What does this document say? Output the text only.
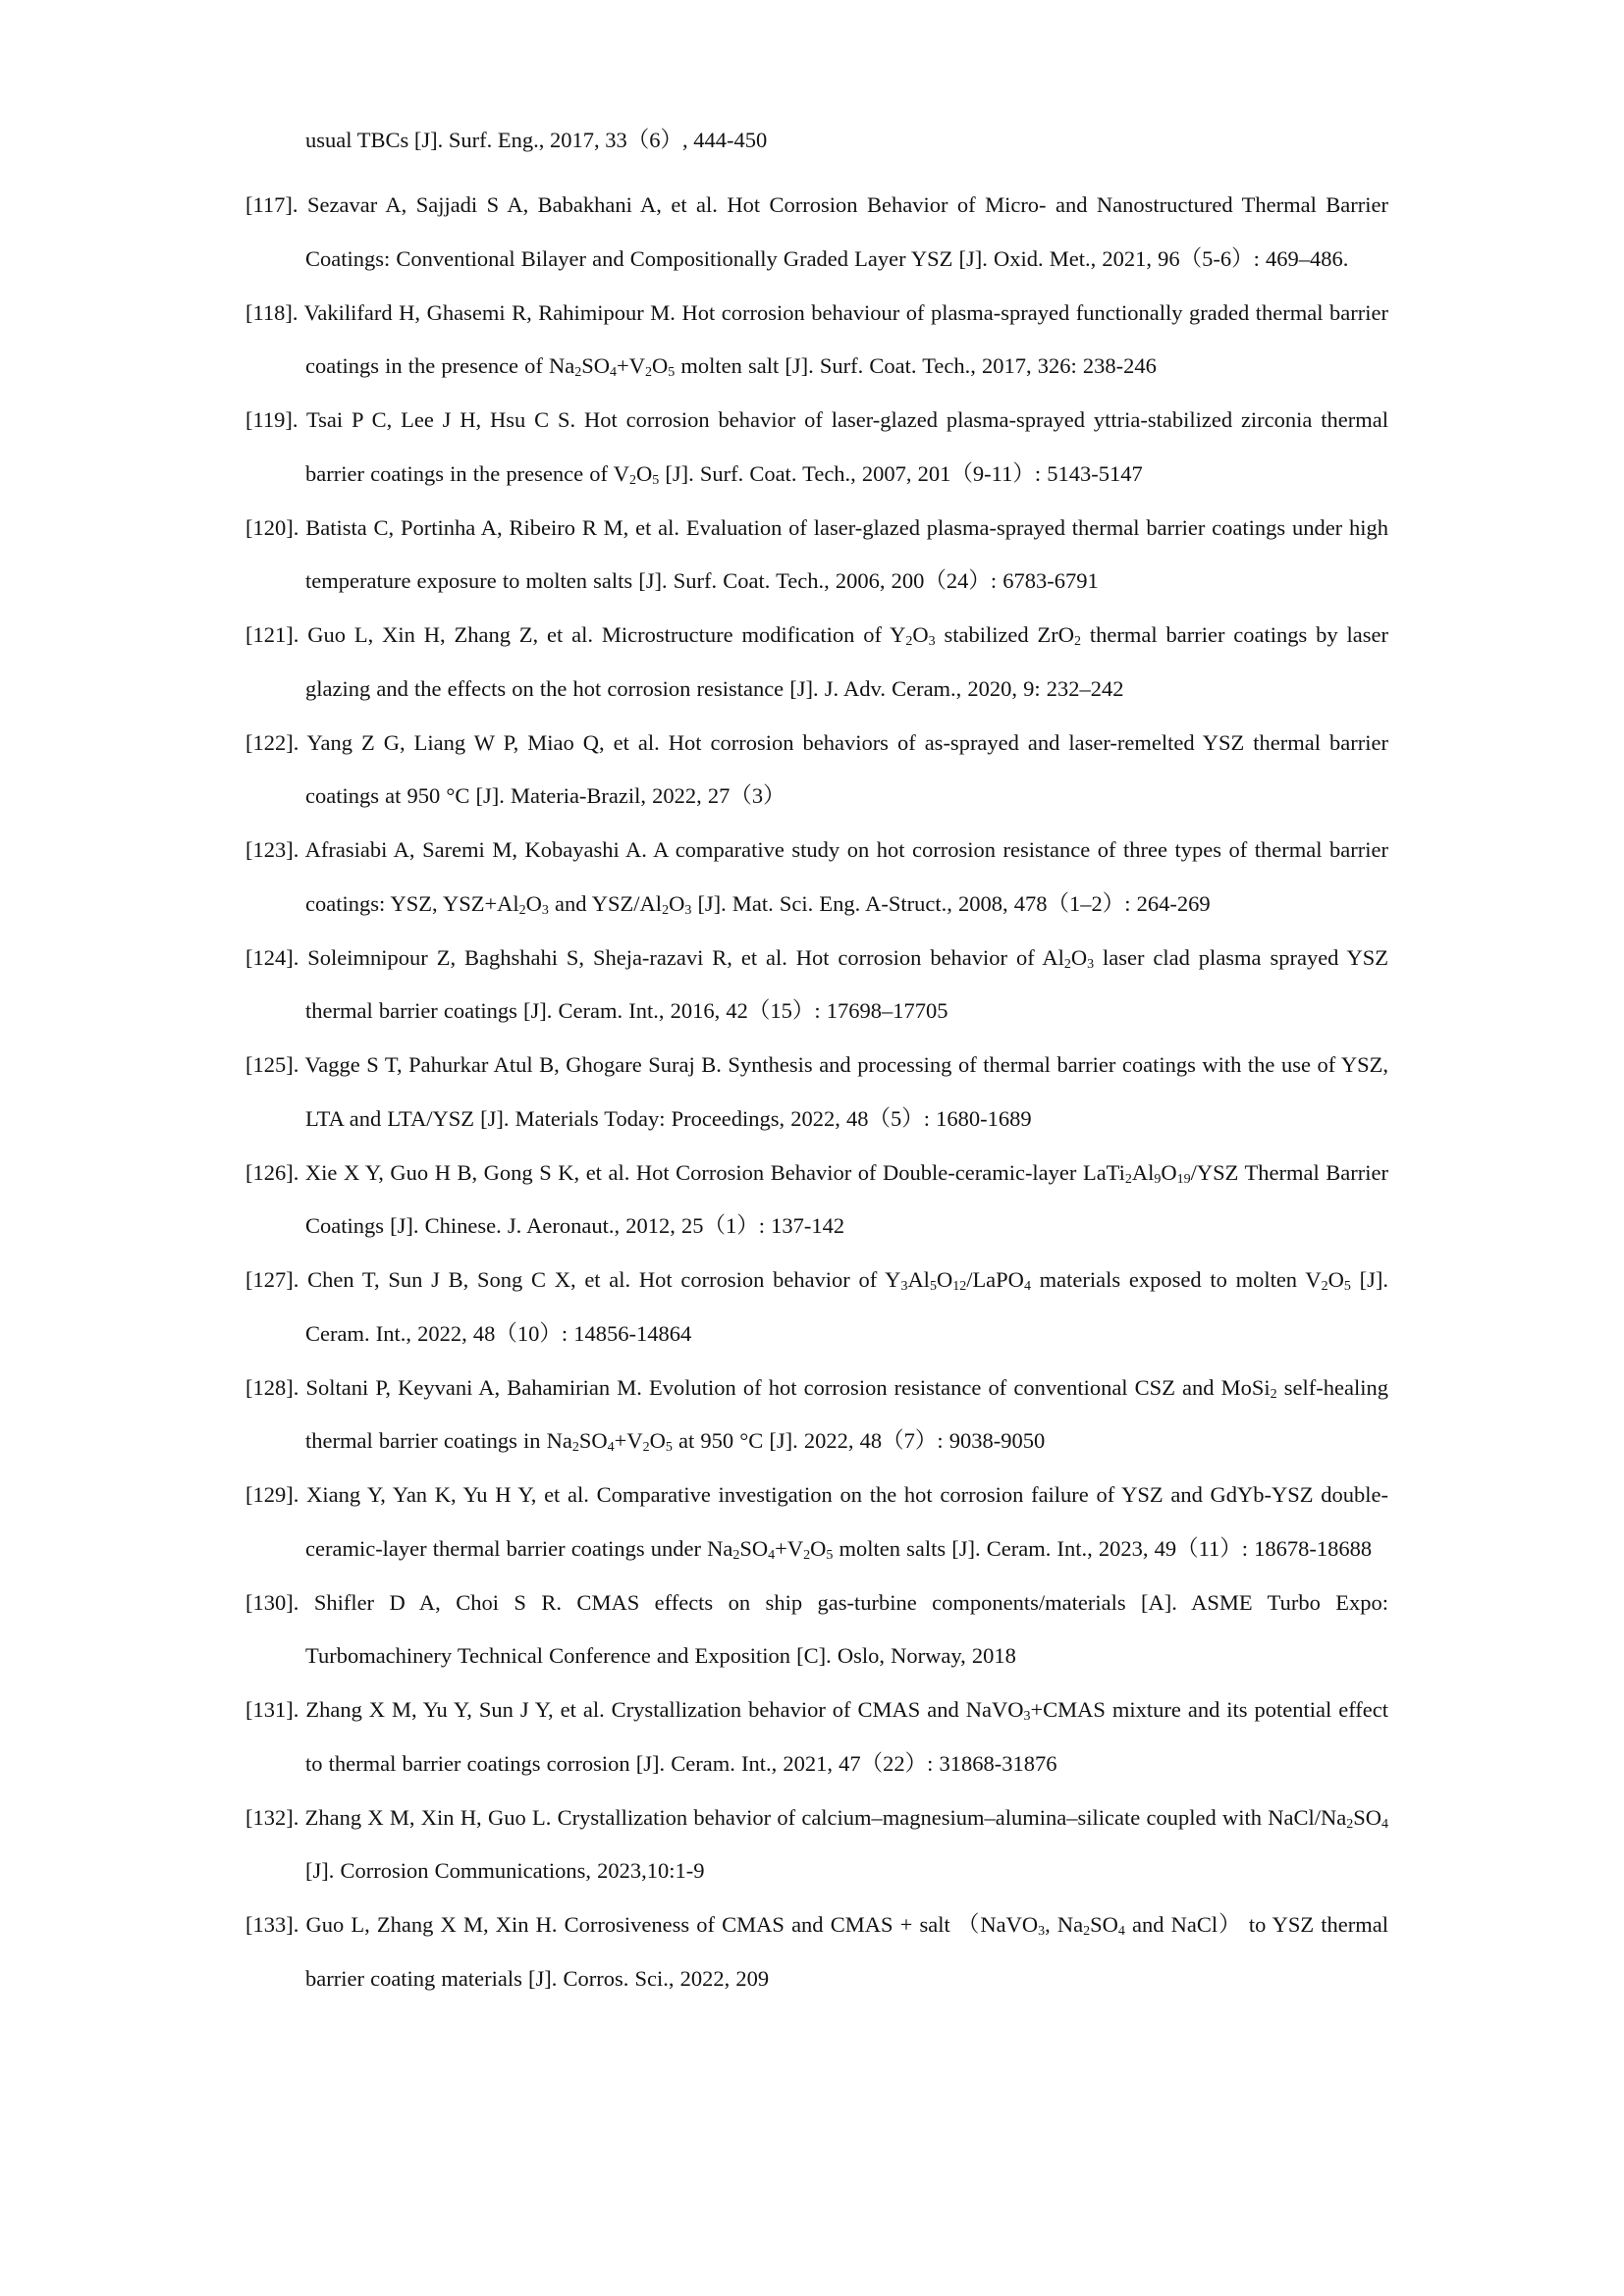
usual TBCs [J]. Surf. Eng., 2017, 33（6）, 444-450
[117]. Sezavar A, Sajjadi S A, Babakhani A, et al. Hot Corrosion Behavior of Micro- and Nanostructured Thermal Barrier Coatings: Conventional Bilayer and Compositionally Graded Layer YSZ [J]. Oxid. Met., 2021, 96（5-6）: 469–486.
[118]. Vakilifard H, Ghasemi R, Rahimipour M. Hot corrosion behaviour of plasma-sprayed functionally graded thermal barrier coatings in the presence of $Na_2SO_4+V_2O_5$ molten salt [J]. Surf. Coat. Tech., 2017, 326: 238-246
[119]. Tsai P C, Lee J H, Hsu C S. Hot corrosion behavior of laser-glazed plasma-sprayed yttria-stabilized zirconia thermal barrier coatings in the presence of $V_2O_5$ [J]. Surf. Coat. Tech., 2007, 201（9-11）: 5143-5147
[120]. Batista C, Portinha A, Ribeiro R M, et al. Evaluation of laser-glazed plasma-sprayed thermal barrier coatings under high temperature exposure to molten salts [J]. Surf. Coat. Tech., 2006, 200（24）: 6783-6791
[121]. Guo L, Xin H, Zhang Z, et al. Microstructure modification of $Y_2O_3$ stabilized ZrO$_2$ thermal barrier coatings by laser glazing and the effects on the hot corrosion resistance [J]. J. Adv. Ceram., 2020, 9: 232–242
[122]. Yang Z G, Liang W P, Miao Q, et al. Hot corrosion behaviors of as-sprayed and laser-remelted YSZ thermal barrier coatings at 950 °C [J]. Materia-Brazil, 2022, 27（3）
[123]. Afrasiabi A, Saremi M, Kobayashi A. A comparative study on hot corrosion resistance of three types of thermal barrier coatings: YSZ, $YSZ+Al_2O_3$ and YSZ/$Al_2O_3$ [J]. Mat. Sci. Eng. A-Struct., 2008, 478（1–2）: 264-269
[124]. Soleimnipour Z, Baghshahi S, Sheja-razavi R, et al. Hot corrosion behavior of $Al_2O_3$ laser clad plasma sprayed YSZ thermal barrier coatings [J]. Ceram. Int., 2016, 42（15）: 17698–17705
[125]. Vagge S T, Pahurkar Atul B, Ghogare Suraj B. Synthesis and processing of thermal barrier coatings with the use of YSZ, LTA and LTA/YSZ [J]. Materials Today: Proceedings, 2022, 48（5）: 1680-1689
[126]. Xie X Y, Guo H B, Gong S K, et al. Hot Corrosion Behavior of Double-ceramic-layer $LaTi_2Al_9O_{19}$/YSZ Thermal Barrier Coatings [J]. Chinese. J. Aeronaut., 2012, 25（1）: 137-142
[127]. Chen T, Sun J B, Song C X, et al. Hot corrosion behavior of $Y_3Al_5O_{12}/LaPO_4$ materials exposed to molten $V_2O_5$ [J]. Ceram. Int., 2022, 48（10）: 14856-14864
[128]. Soltani P, Keyvani A, Bahamirian M. Evolution of hot corrosion resistance of conventional CSZ and MoSi$_2$ self-healing thermal barrier coatings in $Na_2SO_4+V_2O_5$ at 950 °C [J]. 2022, 48（7）: 9038-9050
[129]. Xiang Y, Yan K, Yu H Y, et al. Comparative investigation on the hot corrosion failure of YSZ and GdYb-YSZ double-ceramic-layer thermal barrier coatings under $Na_2SO_4+V_2O_5$ molten salts [J]. Ceram. Int., 2023, 49（11）: 18678-18688
[130]. Shifler D A, Choi S R. CMAS effects on ship gas-turbine components/materials [A]. ASME Turbo Expo: Turbomachinery Technical Conference and Exposition [C]. Oslo, Norway, 2018
[131]. Zhang X M, Yu Y, Sun J Y, et al. Crystallization behavior of CMAS and NaVO$_3$+CMAS mixture and its potential effect to thermal barrier coatings corrosion [J]. Ceram. Int., 2021, 47（22）: 31868-31876
[132]. Zhang X M, Xin H, Guo L. Crystallization behavior of calcium–magnesium–alumina–silicate coupled with NaCl/$Na_2SO_4$ [J]. Corrosion Communications, 2023,10:1-9
[133]. Guo L, Zhang X M, Xin H. Corrosiveness of CMAS and CMAS + salt （NaVO$_3$, $Na_2SO_4$ and NaCl） to YSZ thermal barrier coating materials [J]. Corros. Sci., 2022, 209
